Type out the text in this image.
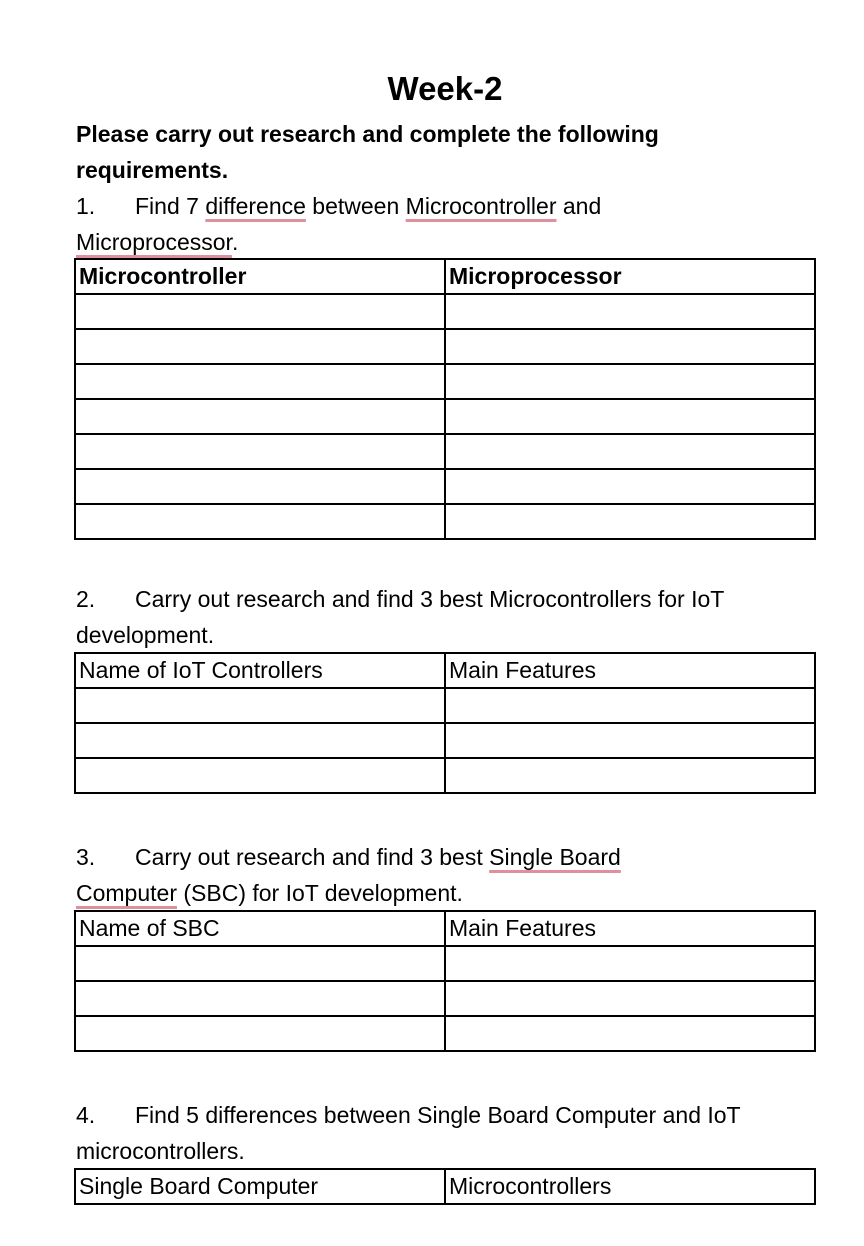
Week-2
Please carry out research and complete the following requirements.
1. Find 7 difference between Microcontroller and
Microprocessor.
Microcontroller	Microprocessor

2. Carry out research and find 3 best Microcontrollers for IoT development.
Name of IoT Controllers	Main Features

3. Carry out research and find 3 best Single Board
Computer (SBC) for IoT development.
Name of SBC	Main Features

4. Find 5 differences between Single Board Computer and IoT microcontrollers.
Single Board Computer	Microcontrollers
